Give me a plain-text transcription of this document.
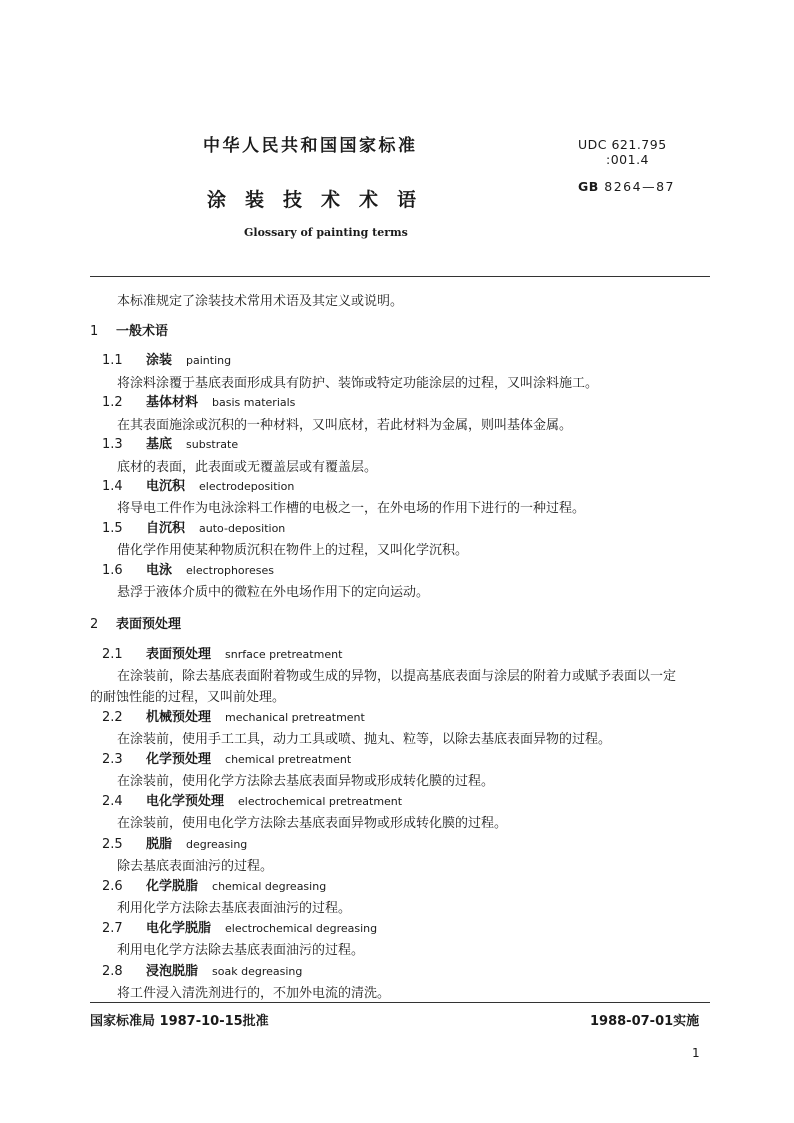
中华人民共和国国家标准	UDC 621.795
:001.4
GB 8264—87
涂装技术术语
Glossary of painting terms
本标准规定了涂装技术常用术语及其定义或说明。
1 一般术语
1.1 涂装 painting
将涂料涂覆于基底表面形成具有防护、装饰或特定功能涂层的过程，又叫涂料施工。
1.2 基体材料 basis materials
在其表面施涂或沉积的一种材料，又叫底材，若此材料为金属，则叫基体金属。
1.3 基底 substrate
底材的表面，此表面或无覆盖层或有覆盖层。
1.4 电沉积 electrodeposition
将导电工件作为电泳涂料工作槽的电极之一，在外电场的作用下进行的一种过程。
1.5 自沉积 auto-deposition
借化学作用使某种物质沉积在物件上的过程，又叫化学沉积。
1.6 电泳 electrophoreses
悬浮于液体介质中的微粒在外电场作用下的定向运动。
2 表面预处理
2.1 表面预处理 snrface pretreatment
在涂装前，除去基底表面附着物或生成的异物，以提高基底表面与涂层的附着力或赋予表面以一定
的耐蚀性能的过程，又叫前处理。
2.2 机械预处理 mechanical pretreatment
在涂装前，使用手工工具，动力工具或喷、抛丸、粒等，以除去基底表面异物的过程。
2.3 化学预处理 chemical pretreatment
在涂装前，使用化学方法除去基底表面异物或形成转化膜的过程。
2.4 电化学预处理 electrochemical pretreatment
在涂装前，使用电化学方法除去基底表面异物或形成转化膜的过程。
2.5 脱脂 degreasing
除去基底表面油污的过程。
2.6 化学脱脂 chemical degreasing
利用化学方法除去基底表面油污的过程。
2.7 电化学脱脂 electrochemical degreasing
利用电化学方法除去基底表面油污的过程。
2.8 浸泡脱脂 soak degreasing
将工件浸入清洗剂进行的，不加外电流的清洗。
国家标准局 1987-10-15批准	1988-07-01实施
1
